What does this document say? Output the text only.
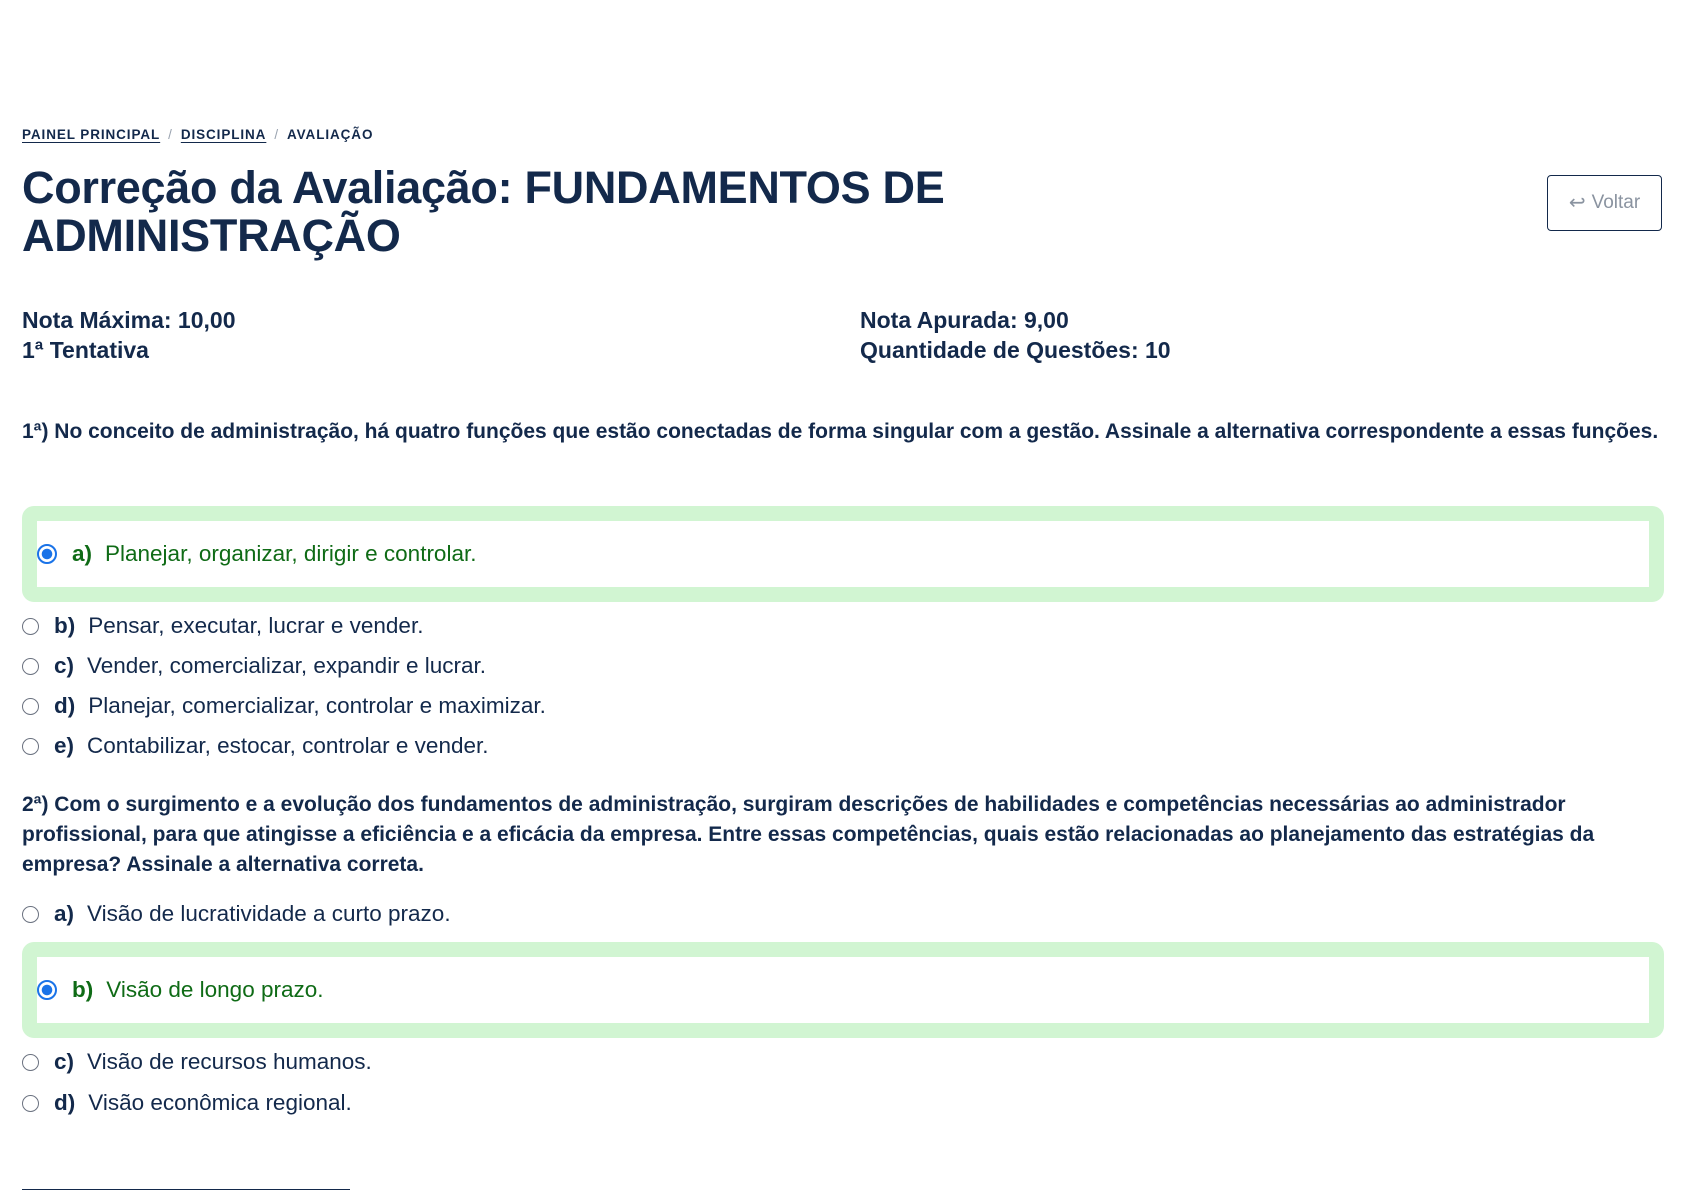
PAINEL PRINCIPAL / DISCIPLINA / AVALIAÇÃO
Correção da Avaliação: FUNDAMENTOS DE ADMINISTRAÇÃO
↩ Voltar
Nota Máxima: 10,00
1ª Tentativa
Nota Apurada: 9,00
Quantidade de Questões: 10

1ª) No conceito de administração, há quatro funções que estão conectadas de forma singular com a gestão. Assinale a alternativa correspondente a essas funções.

a) Planejar, organizar, dirigir e controlar.
b) Pensar, executar, lucrar e vender.
c) Vender, comercializar, expandir e lucrar.
d) Planejar, comercializar, controlar e maximizar.
e) Contabilizar, estocar, controlar e vender.

2ª) Com o surgimento e a evolução dos fundamentos de administração, surgiram descrições de habilidades e competências necessárias ao administrador profissional, para que atingisse a eficiência e a eficácia da empresa. Entre essas competências, quais estão relacionadas ao planejamento das estratégias da empresa? Assinale a alternativa correta.

a) Visão de lucratividade a curto prazo.
b) Visão de longo prazo.
c) Visão de recursos humanos.
d) Visão econômica regional.
